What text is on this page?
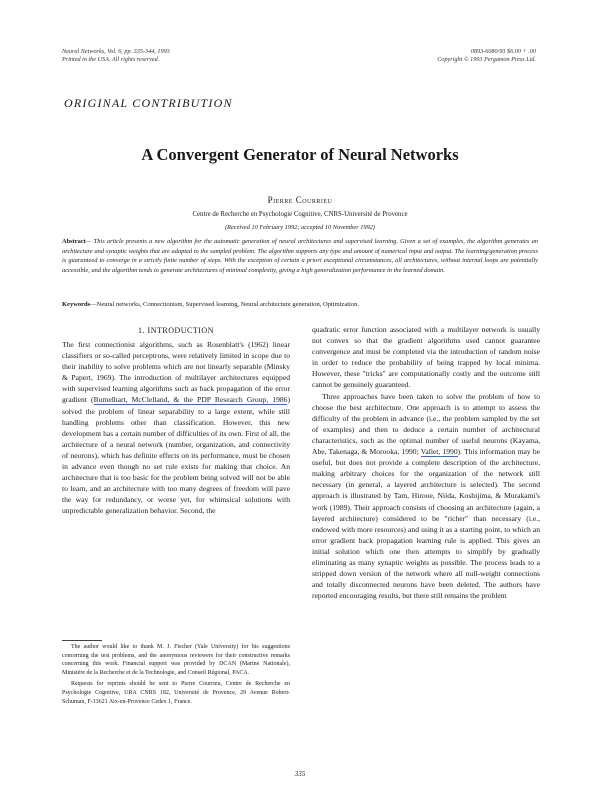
Neural Networks, Vol. 6, pp. 335-344, 1993
Printed in the USA. All rights reserved.
0893-6080/93 $6.00 + .00
Copyright © 1993 Pergamon Press Ltd.
ORIGINAL CONTRIBUTION
A Convergent Generator of Neural Networks
Pierre Courrieu
Centre de Recherche en Psychologie Cognitive, CNRS-Université de Provence
(Received 10 February 1992; accepted 10 November 1992)
Abstract— This article presents a new algorithm for the automatic generation of neural architectures and supervised learning. Given a set of examples, the algorithm generates an architecture and synaptic weights that are adapted to the sampled problem. The algorithm supports any type and amount of numerical input and output. The learning/generation process is guaranteed to converge in a strictly finite number of steps. With the exception of certain a priori exceptional circumstances, all architectures, without internal loops are potentially accessible, and the algorithm tends to generate architectures of minimal complexity, giving a high generalization performance in the learned domain.
Keywords—Neural networks, Connectionism, Supervised learning, Neural architecture generation, Optimization.
1. INTRODUCTION

The first connectionist algorithms, such as Rosenblatt's (1962) linear classifiers or so-called perceptrons, were relatively limited in scope due to their inability to solve problems which are not linearly separable (Minsky & Papert, 1969). The introduction of multilayer architectures equipped with supervised learning algorithms such as back propagation of the error gradient (Rumelhart, McClelland, & the PDP Research Group, 1986) solved the problem of linear separability to a large extent, while still handling problems other than classification. However, this new development has a certain number of difficulties of its own. First of all, the architecture of a neural network (number, organization, and connectivity of neurons), which has definite effects on its performance, must be chosen in advance even though no set rule exists for making that choice. An architecture that is too basic for the problem being solved will not be able to learn, and an architecture with too many degrees of freedom will pave the way for redundancy, or worse yet, for whimsical solutions with unpredictable generalization behavior. Second, the

The author would like to thank M. J. Fischer (Yale University) for his suggestions concerning the test problems, and the anonymous reviewers for their constructive remarks concerning this work. Financial support was provided by DCAN (Marine Nationale), Ministère de la Recherche et de la Technologie, and Conseil Régional, PACA.

Requests for reprints should be sent to Pierre Courrieu, Centre de Recherche en Psychologie Cognitive, URA CNRS 182, Université de Provence, 29 Avenue Robert-Schuman, F-13621 Aix-en-Provence Cedex 1, France.

quadratic error function associated with a multilayer network is usually not convex so that the gradient algorithms used cannot guarantee convergence and must be completed via the introduction of random noise in order to reduce the probability of being trapped by local minima. However, these "tricks" are computationally costly and the outcome still cannot be genuinely guaranteed.

Three approaches have been taken to solve the problem of how to choose the best architecture. One approach is to attempt to assess the difficulty of the problem in advance (i.e., the problem sampled by the set of examples) and then to deduce a certain number of architectural characteristics, such as the optimal number of useful neurons (Kayama, Abe, Takenaga, & Morooka, 1990; Vallet, 1990). This information may be useful, but does not provide a complete description of the architecture, making arbitrary choices for the organization of the network still necessary (in general, a layered architecture is selected). The second approach is illustrated by Tam, Hiroue, Niida, Koshijima, & Murakami's work (1989). Their approach consists of choosing an architecture (again, a layered architecture) considered to be "richer" than necessary (i.e., endowed with more resources) and using it as a starting point, to which an error gradient back propagation learning rule is applied. This gives an initial solution which one then attempts to simplify by gradually eliminating as many synaptic weights as possible. The process leads to a stripped down version of the network where all null-weight connections and totally disconnected neurons have been deleted. The authors have reported encouraging results, but there still remains the problem

335
